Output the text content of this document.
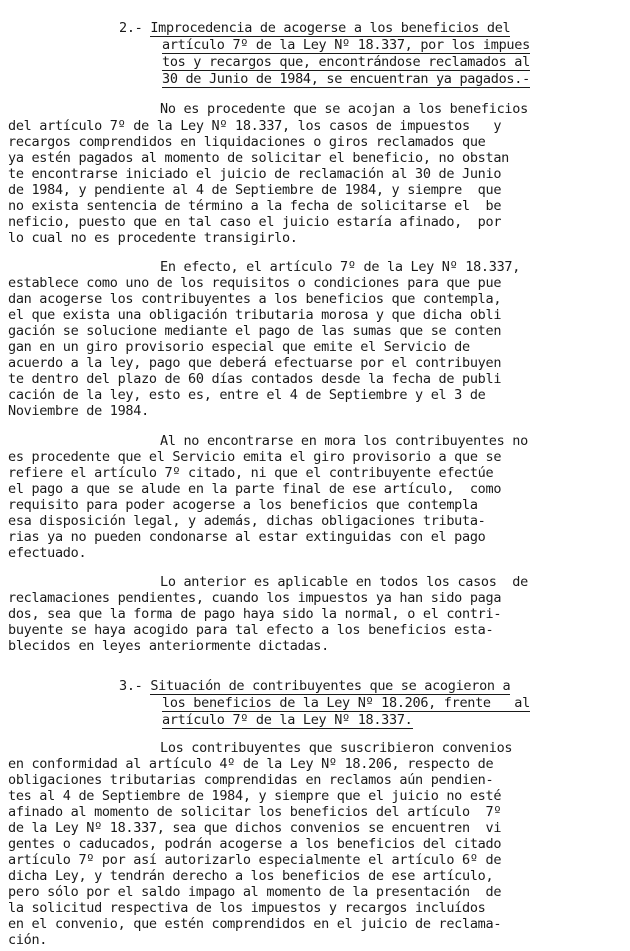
2.- Improcedencia de acogerse a los beneficios del
artículo 7º de la Ley Nº 18.337, por los impues
tos y recargos que, encontrándose reclamados al
30 de Junio de 1984, se encuentran ya pagados.-
No es procedente que se acojan a los beneficios
del artículo 7º de la Ley Nº 18.337, los casos de impuestos   y
recargos comprendidos en liquidaciones o giros reclamados que
ya estén pagados al momento de solicitar el beneficio, no obstan
te encontrarse iniciado el juicio de reclamación al 30 de Junio
de 1984, y pendiente al 4 de Septiembre de 1984, y siempre  que
no exista sentencia de término a la fecha de solicitarse el  be
neficio, puesto que en tal caso el juicio estaría afinado,  por
lo cual no es procedente transigirlo.
En efecto, el artículo 7º de la Ley Nº 18.337,
establece como uno de los requisitos o condiciones para que pue
dan acogerse los contribuyentes a los beneficios que contempla,
el que exista una obligación tributaria morosa y que dicha obli
gación se solucione mediante el pago de las sumas que se conten
gan en un giro provisorio especial que emite el Servicio de
acuerdo a la ley, pago que deberá efectuarse por el contribuyen
te dentro del plazo de 60 días contados desde la fecha de publi
cación de la ley, esto es, entre el 4 de Septiembre y el 3 de
Noviembre de 1984.
Al no encontrarse en mora los contribuyentes no
es procedente que el Servicio emita el giro provisorio a que se
refiere el artículo 7º citado, ni que el contribuyente efectúe
el pago a que se alude en la parte final de ese artículo,  como
requisito para poder acogerse a los beneficios que contempla
esa disposición legal, y además, dichas obligaciones tributa-
rias ya no pueden condonarse al estar extinguidas con el pago
efectuado.
Lo anterior es aplicable en todos los casos  de
reclamaciones pendientes, cuando los impuestos ya han sido paga
dos, sea que la forma de pago haya sido la normal, o el contri-
buyente se haya acogido para tal efecto a los beneficios esta-
blecidos en leyes anteriormente dictadas.
3.- Situación de contribuyentes que se acogieron a
los beneficios de la Ley Nº 18.206, frente   al
artículo 7º de la Ley Nº 18.337.
Los contribuyentes que suscribieron convenios
en conformidad al artículo 4º de la Ley Nº 18.206, respecto de
obligaciones tributarias comprendidas en reclamos aún pendien-
tes al 4 de Septiembre de 1984, y siempre que el juicio no esté
afinado al momento de solicitar los beneficios del artículo  7º
de la Ley Nº 18.337, sea que dichos convenios se encuentren  vi
gentes o caducados, podrán acogerse a los beneficios del citado
artículo 7º por así autorizarlo especialmente el artículo 6º de
dicha Ley, y tendrán derecho a los beneficios de ese artículo,
pero sólo por el saldo impago al momento de la presentación  de
la solicitud respectiva de los impuestos y recargos incluídos
en el convenio, que estén comprendidos en el juicio de reclama-
ción.
